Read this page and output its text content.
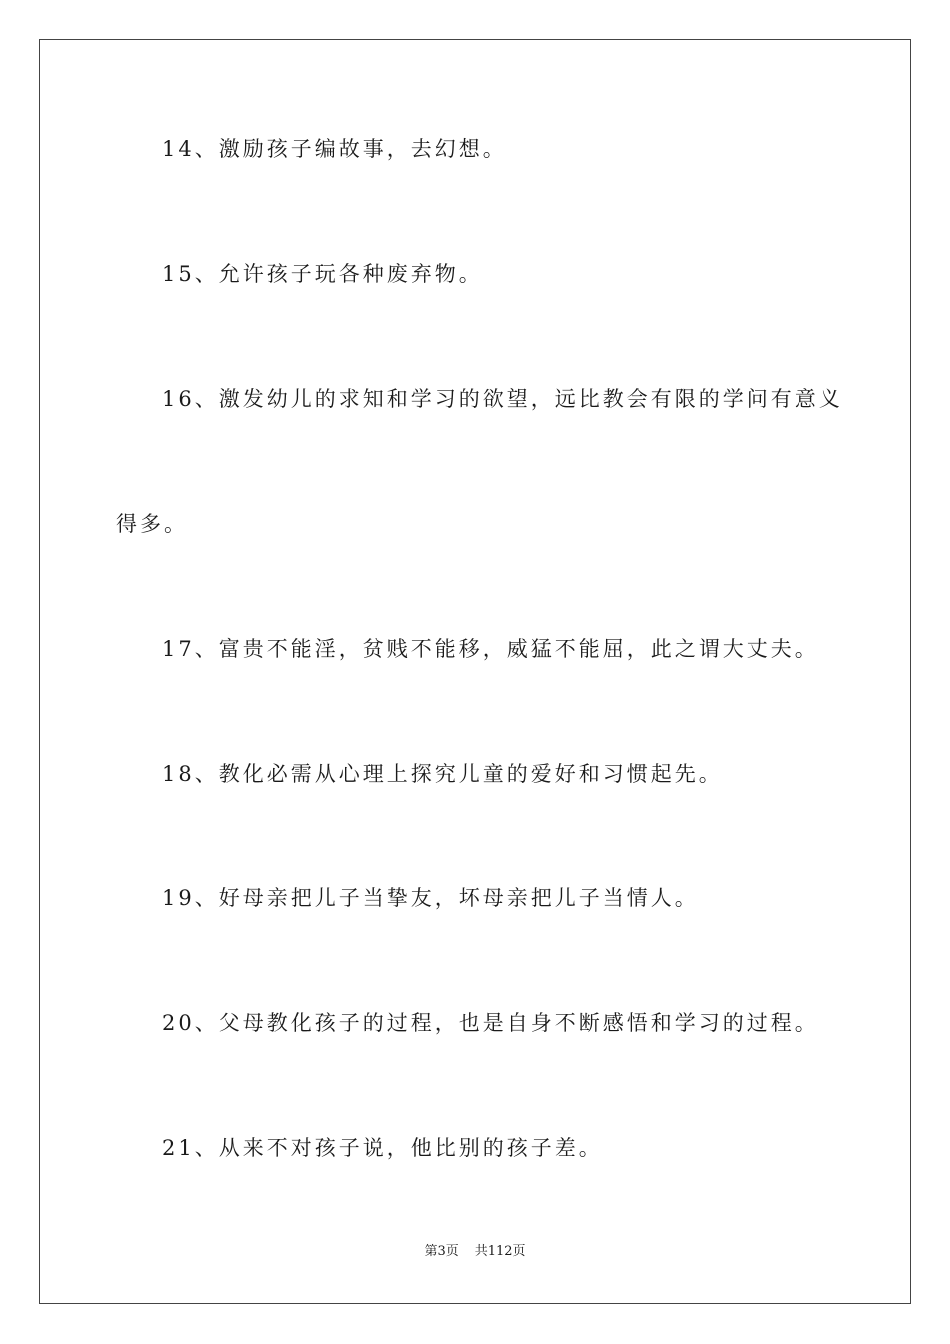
14、激励孩子编故事，去幻想。

15、允许孩子玩各种废弃物。

16、激发幼儿的求知和学习的欲望，远比教会有限的学问有意义

得多。

17、富贵不能淫，贫贱不能移，威猛不能屈，此之谓大丈夫。

18、教化必需从心理上探究儿童的爱好和习惯起先。

19、好母亲把儿子当挚友，坏母亲把儿子当情人。

20、父母教化孩子的过程，也是自身不断感悟和学习的过程。

21、从来不对孩子说，他比别的孩子差。

第3页 共112页
